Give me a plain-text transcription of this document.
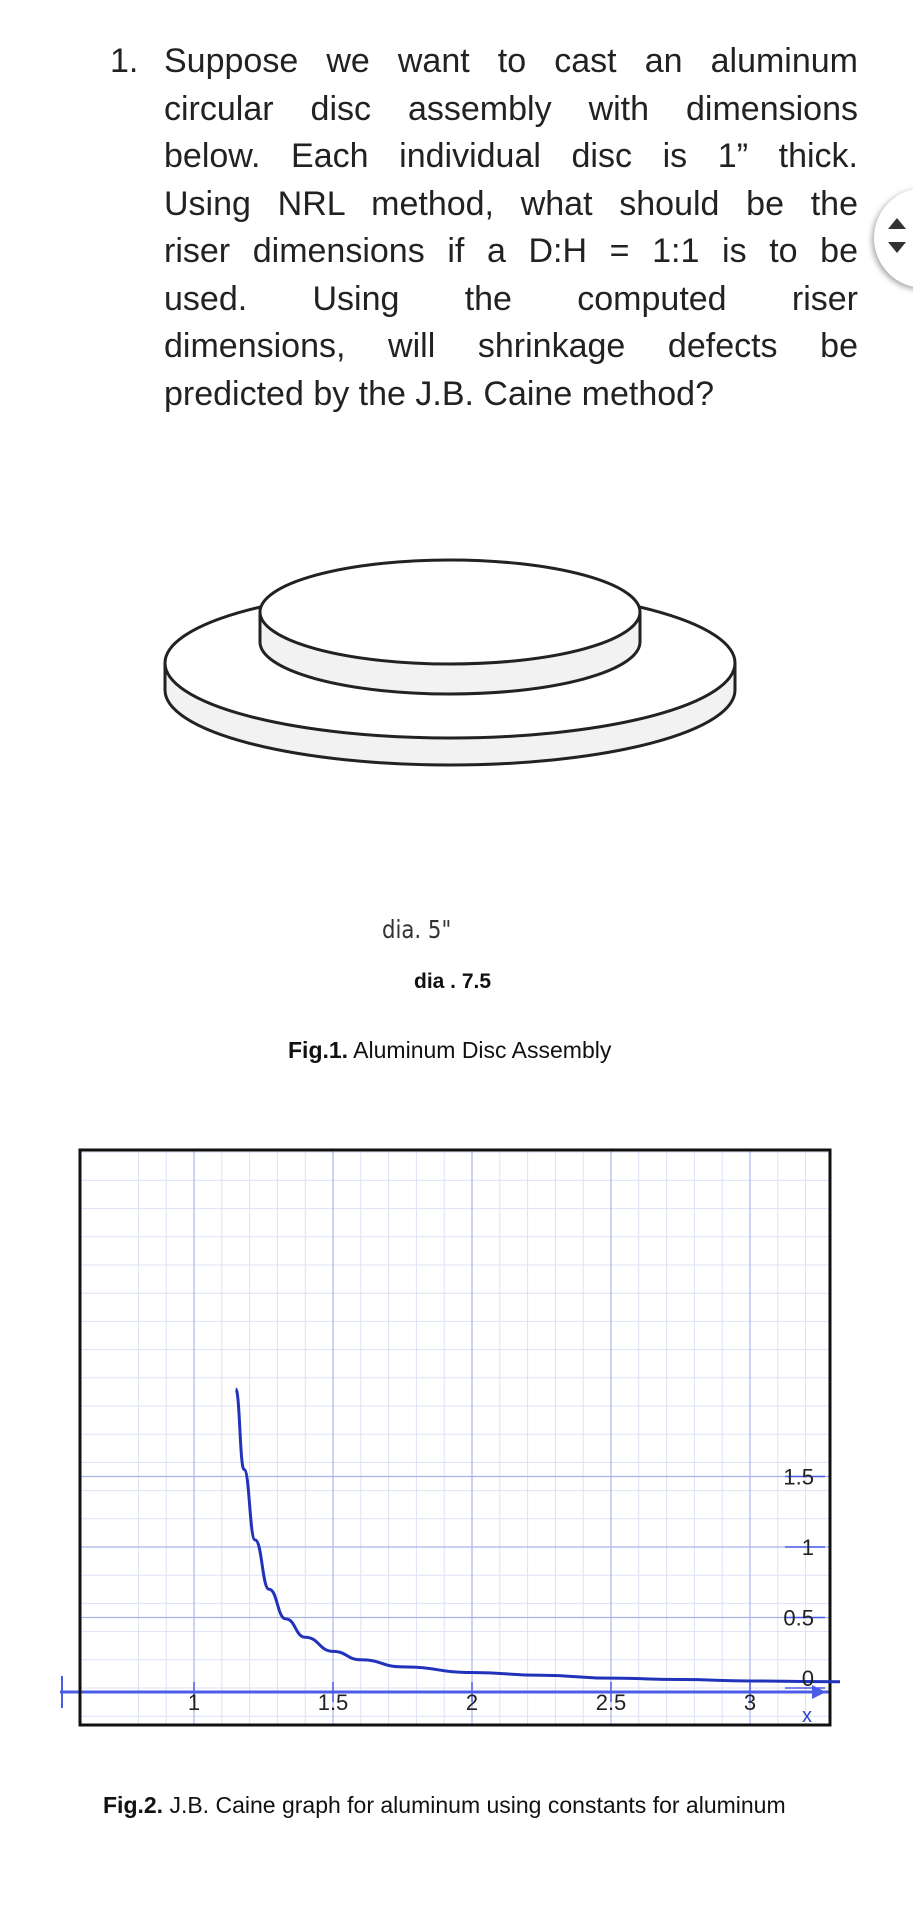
1. Suppose we want to cast an aluminum
circular disc assembly with dimensions
below. Each individual disc is 1” thick.
Using NRL method, what should be the
riser dimensions if a D:H = 1:1 is to be
used. Using the computed riser
dimensions, will shrinkage defects be
predicted by the J.B. Caine method?
dia. 5"
dia . 7.5
Fig.1. Aluminum Disc Assembly
1	1.5	2	2.5	3
0
0.5
1
1.5
x
Fig.2. J.B. Caine graph for aluminum using constants for aluminum
